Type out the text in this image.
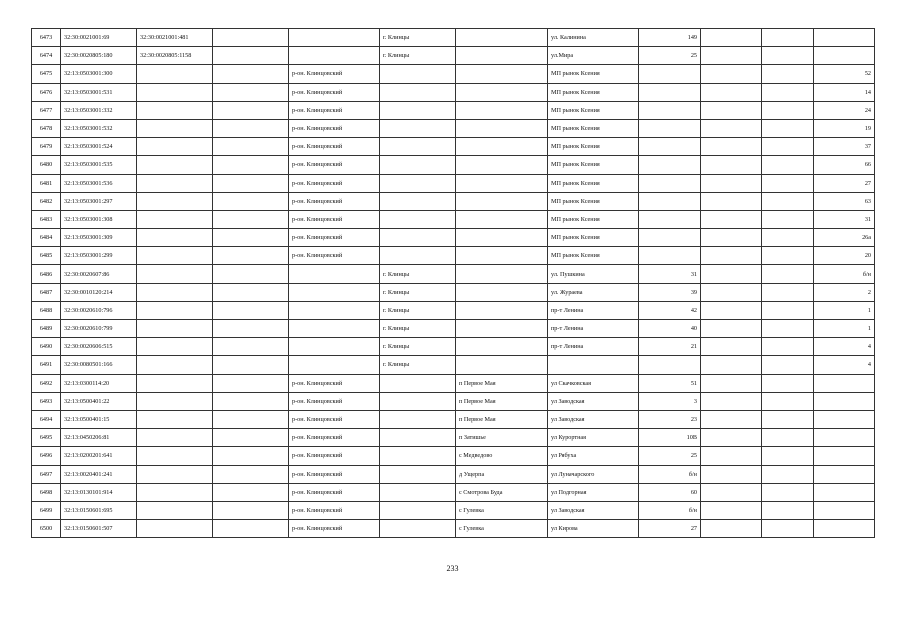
6473	32:30:0021001:69	32:30:0021001:481			г. Клинцы		ул. Калинина	149			
6474	32:30:0020805:180	32:30:0020805:1158			г. Клинцы		ул.Мира	25			
6475	32:13:0503001:300			р-он. Клинцовский			МП рынок Ксения				52
6476	32:13:0503001:531			р-он. Клинцовский			МП рынок Ксения				14
6477	32:13:0503001:332			р-он. Клинцовский			МП рынок Ксения				24
6478	32:13:0503001:532			р-он. Клинцовский			МП рынок Ксения				19
6479	32:13:0503001:524			р-он. Клинцовский			МП рынок Ксения				37
6480	32:13:0503001:535			р-он. Клинцовский			МП рынок Ксения				66
6481	32:13:0503001:536			р-он. Клинцовский			МП рынок Ксения				27
6482	32:13:0503001:297			р-он. Клинцовский			МП рынок Ксения				63
6483	32:13:0503001:308			р-он. Клинцовский			МП рынок Ксения				31
6484	32:13:0503001:309			р-он. Клинцовский			МП рынок Ксения				26а
6485	32:13:0503001:299			р-он. Клинцовский			МП рынок Ксения				20
6486	32:30:0020607:86				г. Клинцы		ул. Пушкина	31			б/н
6487	32:30:0010120:214				г. Клинцы		ул. Жураева	39			2
6488	32:30:0020610:796				г. Клинцы		пр-т Ленина	42			1
6489	32:30:0020610:799				г. Клинцы		пр-т Ленина	40			1
6490	32:30:0020606:515				г. Клинцы		пр-т Ленина	21			4
6491	32:30:0080501:166				г. Клинцы						4
6492	32:13:0300114:20			р-он. Клинцовский		п Первое Мая	ул Скачковская	51			
6493	32:13:0500401:22			р-он. Клинцовский		п Первое Мая	ул Заводская	3			
6494	32:13:0500401:15			р-он. Клинцовский		п Первое Мая	ул Заводская	23			
6495	32:13:0450206:81			р-он. Клинцовский		п Затишье	ул Курортная	10В			
6496	32:13:0200201:641			р-он. Клинцовский		с Медведово	ул Рябуха	25			
6497	32:13:0020401:241			р-он. Клинцовский		д Ущерпа	ул Луначарского	б/н			
6498	32:13:0130101:914			р-он. Клинцовский		с Смотрова Буда	ул Подгорная	60			
6499	32:13:0150601:695			р-он. Клинцовский		с Гулевка	ул Заводская	б/н			
6500	32:13:0150601:507			р-он. Клинцовский		с Гулевка	ул Кирова	27			
233
